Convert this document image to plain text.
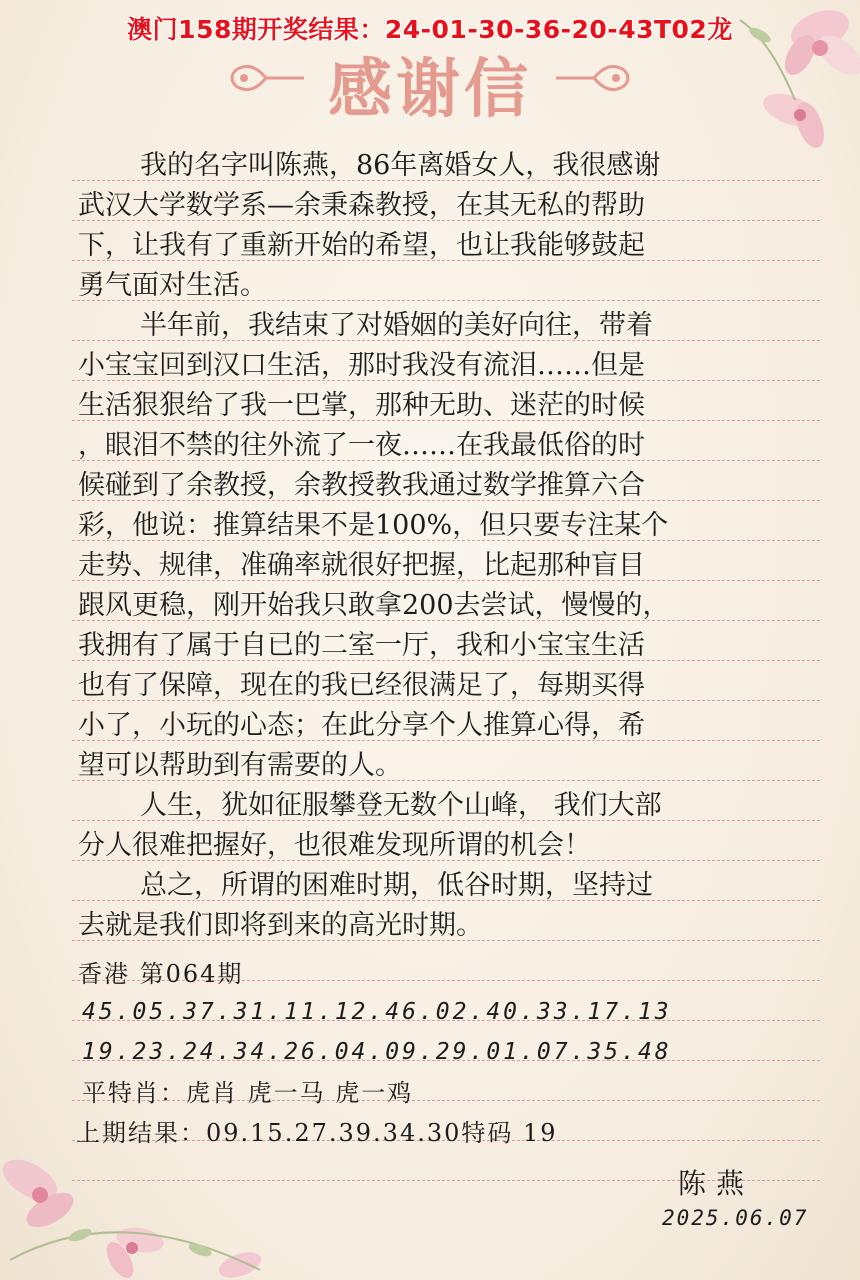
澳门158期开奖结果：24-01-30-36-20-43T02龙
感谢信
我的名字叫陈燕，86年离婚女人，我很感谢
武汉大学数学系—余秉森教授，在其无私的帮助
下，让我有了重新开始的希望，也让我能够鼓起
勇气面对生活。
半年前，我结束了对婚姻的美好向往，带着
小宝宝回到汉口生活，那时我没有流泪……但是
生活狠狠给了我一巴掌，那种无助、迷茫的时候
，眼泪不禁的往外流了一夜……在我最低俗的时
候碰到了余教授，余教授教我通过数学推算六合
彩，他说：推算结果不是100%，但只要专注某个
走势、规律，准确率就很好把握，比起那种盲目
跟风更稳，刚开始我只敢拿200去尝试，慢慢的，
我拥有了属于自已的二室一厅，我和小宝宝生活
也有了保障，现在的我已经很满足了，每期买得
小了，小玩的心态；在此分享个人推算心得，希
望可以帮助到有需要的人。
人生，犹如征服攀登无数个山峰， 我们大部
分人很难把握好，也很难发现所谓的机会！
总之，所谓的困难时期，低谷时期，坚持过
去就是我们即将到来的高光时期。
香港 第064期
45.05.37.31.11.12.46.02.40.33.17.13
19.23.24.34.26.04.09.29.01.07.35.48
平特肖：虎肖 虎一马 虎一鸡
上期结果：09.15.27.39.34.30特码 19
陈燕
2025.06.07
